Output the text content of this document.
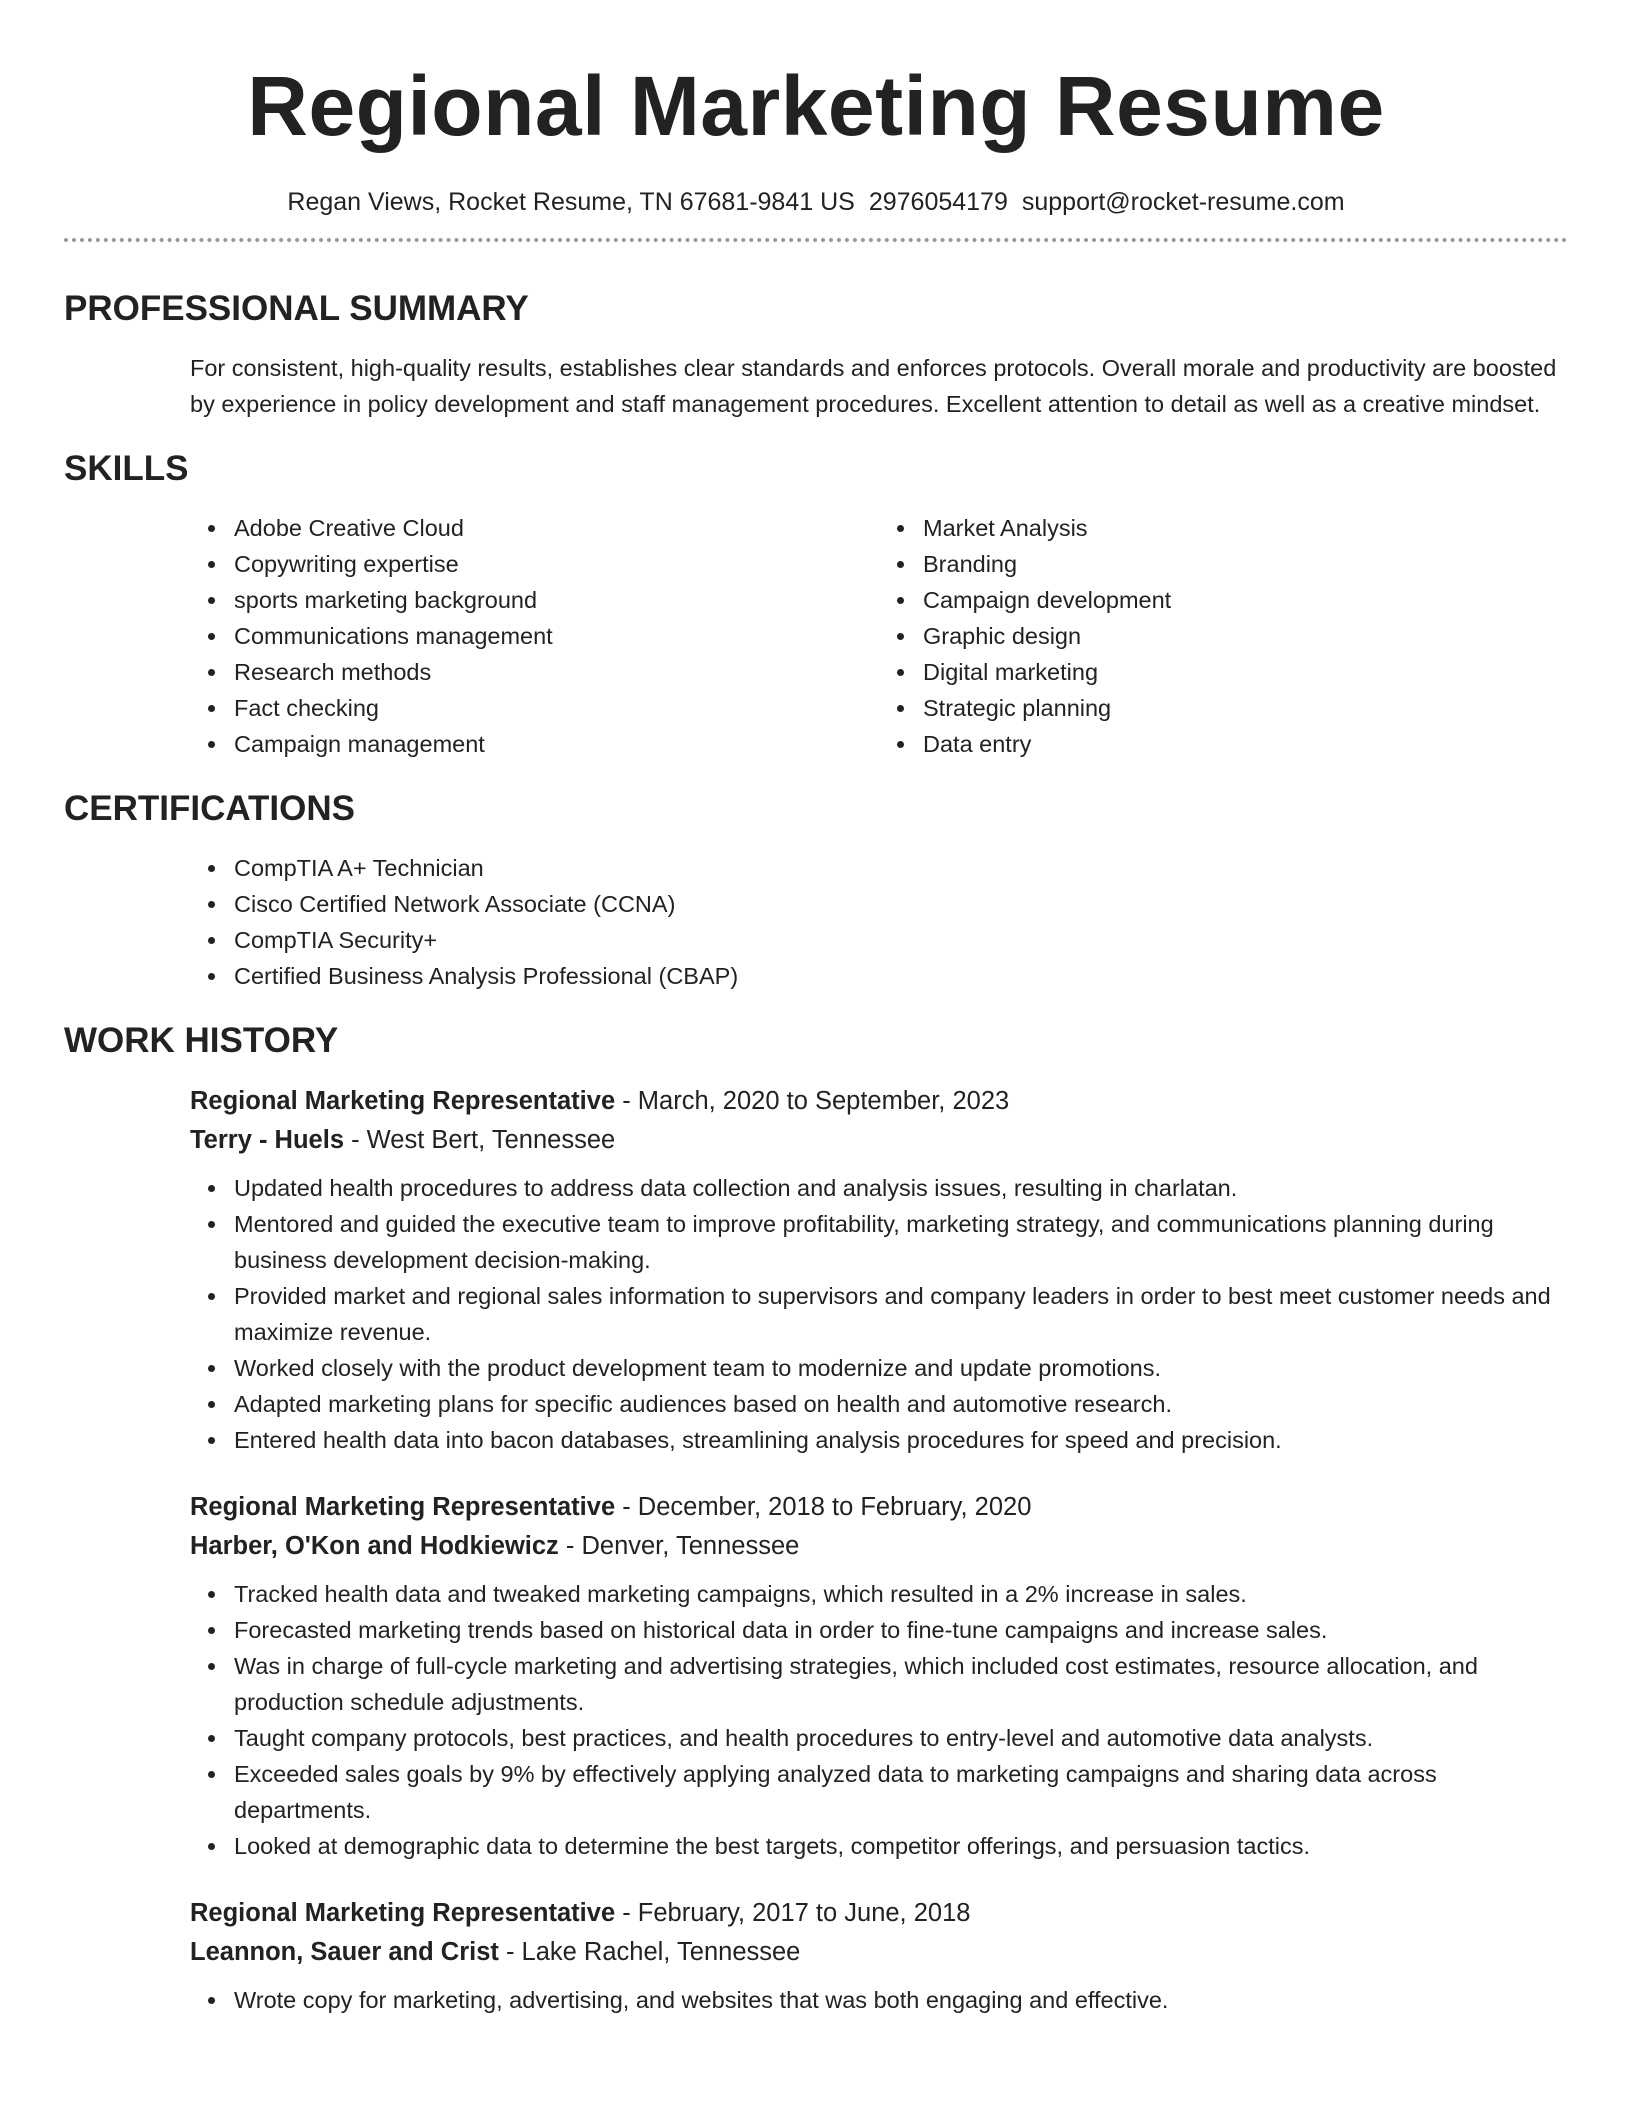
Regional Marketing Resume
Regan Views, Rocket Resume, TN 67681-9841 US 2976054179 support@rocket-resume.com
PROFESSIONAL SUMMARY
For consistent, high-quality results, establishes clear standards and enforces protocols. Overall morale and productivity are boosted by experience in policy development and staff management procedures. Excellent attention to detail as well as a creative mindset.
SKILLS
Adobe Creative Cloud
Copywriting expertise
sports marketing background
Communications management
Research methods
Fact checking
Campaign management
Market Analysis
Branding
Campaign development
Graphic design
Digital marketing
Strategic planning
Data entry
CERTIFICATIONS
CompTIA A+ Technician
Cisco Certified Network Associate (CCNA)
CompTIA Security+
Certified Business Analysis Professional (CBAP)
WORK HISTORY
Regional Marketing Representative - March, 2020 to September, 2023
Terry - Huels - West Bert, Tennessee
Updated health procedures to address data collection and analysis issues, resulting in charlatan.
Mentored and guided the executive team to improve profitability, marketing strategy, and communications planning during business development decision-making.
Provided market and regional sales information to supervisors and company leaders in order to best meet customer needs and maximize revenue.
Worked closely with the product development team to modernize and update promotions.
Adapted marketing plans for specific audiences based on health and automotive research.
Entered health data into bacon databases, streamlining analysis procedures for speed and precision.
Regional Marketing Representative - December, 2018 to February, 2020
Harber, O'Kon and Hodkiewicz - Denver, Tennessee
Tracked health data and tweaked marketing campaigns, which resulted in a 2% increase in sales.
Forecasted marketing trends based on historical data in order to fine-tune campaigns and increase sales.
Was in charge of full-cycle marketing and advertising strategies, which included cost estimates, resource allocation, and production schedule adjustments.
Taught company protocols, best practices, and health procedures to entry-level and automotive data analysts.
Exceeded sales goals by 9% by effectively applying analyzed data to marketing campaigns and sharing data across departments.
Looked at demographic data to determine the best targets, competitor offerings, and persuasion tactics.
Regional Marketing Representative - February, 2017 to June, 2018
Leannon, Sauer and Crist - Lake Rachel, Tennessee
Wrote copy for marketing, advertising, and websites that was both engaging and effective.
